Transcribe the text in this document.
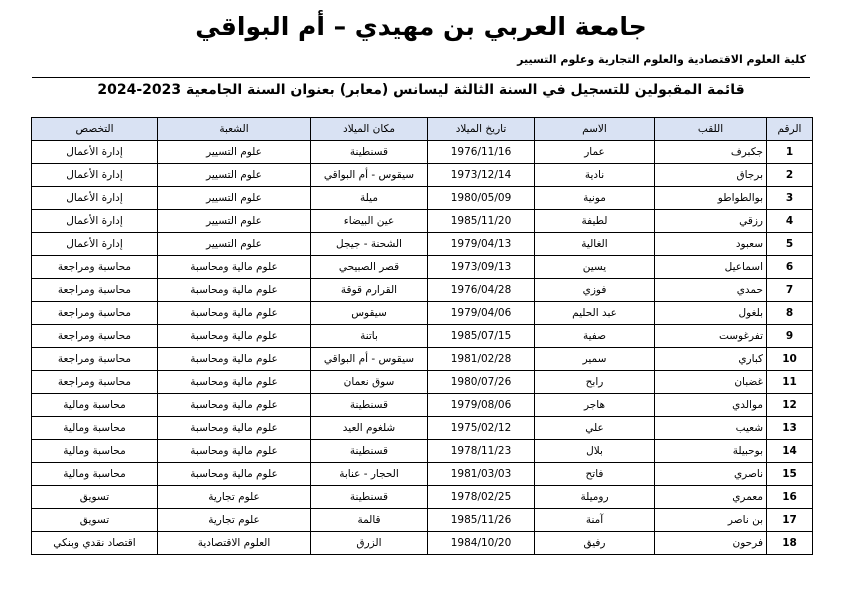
جامعة العربي بن مهيدي – أم البواقي
كلية العلوم الاقتصادية والعلوم التجارية وعلوم التسيير
قائمة المقبولين للتسجيل في السنة الثالثة ليسانس (معابر) بعنوان السنة الجامعية 2023-2024
الرقم	اللقب	الاسم	تاريخ الميلاد	مكان الميلاد	الشعبة	التخصص
1	جكبرف	عمار	1976/11/16	قسنطينة	علوم التسيير	إدارة الأعمال
2	برجاق	نادية	1973/12/14	سيقوس - أم البواقي	علوم التسيير	إدارة الأعمال
3	بوالطواطو	مونية	1980/05/09	ميلة	علوم التسيير	إدارة الأعمال
4	رزقي	لطيفة	1985/11/20	عين البيضاء	علوم التسيير	إدارة الأعمال
5	سعبود	الغالية	1979/04/13	الشحنة - جيجل	علوم التسيير	إدارة الأعمال
6	اسماعيل	يسين	1973/09/13	قصر الصبيحي	علوم مالية ومحاسبة	محاسبة ومراجعة
7	حمدي	فوزي	1976/04/28	القرارم قوقة	علوم مالية ومحاسبة	محاسبة ومراجعة
8	بلغول	عبد الحليم	1979/04/06	سيقوس	علوم مالية ومحاسبة	محاسبة ومراجعة
9	تفرغوست	صفية	1985/07/15	باتنة	علوم مالية ومحاسبة	محاسبة ومراجعة
10	كباري	سمير	1981/02/28	سيقوس - أم البواقي	علوم مالية ومحاسبة	محاسبة ومراجعة
11	غضبان	رابح	1980/07/26	سوق نعمان	علوم مالية ومحاسبة	محاسبة ومراجعة
12	موالدي	هاجر	1979/08/06	قسنطينة	علوم مالية ومحاسبة	محاسبة ومالية
13	شعيب	علي	1975/02/12	شلغوم العيد	علوم مالية ومحاسبة	محاسبة ومالية
14	بوحبيلة	بلال	1978/11/23	قسنطينة	علوم مالية ومحاسبة	محاسبة ومالية
15	ناصري	فاتح	1981/03/03	الحجار - عنابة	علوم مالية ومحاسبة	محاسبة ومالية
16	معمري	روميلة	1978/02/25	قسنطينة	علوم تجارية	تسويق
17	بن ناصر	آمنة	1985/11/26	قالمة	علوم تجارية	تسويق
18	فرحون	رفيق	1984/10/20	الزرق	العلوم الاقتصادية	اقتصاد نقدي وبنكي
